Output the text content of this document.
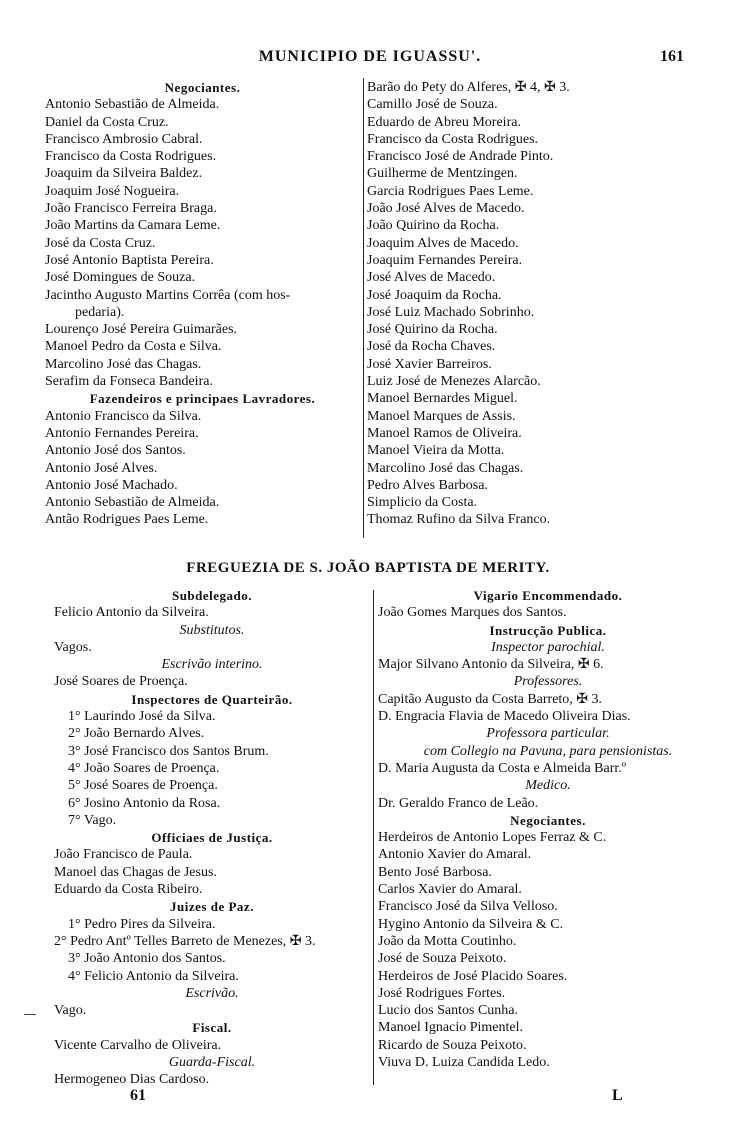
MUNICIPIO DE IGUASSU'.	161
Negociantes.
Antonio Sebastião de Almeida.
Daniel da Costa Cruz.
Francisco Ambrosio Cabral.
Francisco da Costa Rodrigues.
Joaquim da Silveira Baldez.
Joaquim José Nogueira.
João Francisco Ferreira Braga.
João Martins da Camara Leme.
José da Costa Cruz.
José Antonio Baptista Pereira.
José Domingues de Souza.
Jacintho Augusto Martins Corrêa (com hos-
pedaria).
Lourenço José Pereira Guimarães.
Manoel Pedro da Costa e Silva.
Marcolino José das Chagas.
Serafim da Fonseca Bandeira.
Fazendeiros e principaes Lavradores.
Antonio Francisco da Silva.
Antonio Fernandes Pereira.
Antonio José dos Santos.
Antonio José Alves.
Antonio José Machado.
Antonio Sebastião de Almeida.
Antão Rodrigues Paes Leme.
Barão do Pety do Alferes, ✠ 4, ✠ 3.
Camillo José de Souza.
Eduardo de Abreu Moreira.
Francisco da Costa Rodrigues.
Francisco José de Andrade Pinto.
Guilherme de Mentzingen.
Garcia Rodrigues Paes Leme.
João José Alves de Macedo.
João Quirino da Rocha.
Joaquim Alves de Macedo.
Joaquim Fernandes Pereira.
José Alves de Macedo.
José Joaquim da Rocha.
José Luiz Machado Sobrinho.
José Quirino da Rocha.
José da Rocha Chaves.
José Xavier Barreiros.
Luiz José de Menezes Alarcão.
Manoel Bernardes Miguel.
Manoel Marques de Assis.
Manoel Ramos de Oliveira.
Manoel Vieira da Motta.
Marcolino José das Chagas.
Pedro Alves Barbosa.
Simplicio da Costa.
Thomaz Rufino da Silva Franco.
FREGUEZIA DE S. JOÃO BAPTISTA DE MERITY.
Subdelegado.
Felicio Antonio da Silveira.
Substitutos.
Vagos.
Escrivão interino.
José Soares de Proença.
Inspectores de Quarteirão.
1° Laurindo José da Silva.
2° João Bernardo Alves.
3° José Francisco dos Santos Brum.
4° João Soares de Proença.
5° José Soares de Proença.
6° Josino Antonio da Rosa.
7° Vago.
Officiaes de Justiça.
João Francisco de Paula.
Manoel das Chagas de Jesus.
Eduardo da Costa Ribeiro.
Juizes de Paz.
1° Pedro Pires da Silveira.
2° Pedro Antº Telles Barreto de Menezes, ✠ 3.
3° João Antonio dos Santos.
4° Felicio Antonio da Silveira.
Escrivão.
Vago.
Fiscal.
Vicente Carvalho de Oliveira.
Guarda-Fiscal.
Hermogeneo Dias Cardoso.
Vigario Encommendado.
João Gomes Marques dos Santos.
Instrucção Publica.
Inspector parochial.
Major Silvano Antonio da Silveira, ✠ 6.
Professores.
Capitão Augusto da Costa Barreto, ✠ 3.
D. Engracia Flavia de Macedo Oliveira Dias.
Professora particular.
com Collegio na Pavuna, para pensionistas.
D. Maria Augusta da Costa e Almeida Barr.º
Medico.
Dr. Geraldo Franco de Leão.
Negociantes.
Herdeiros de Antonio Lopes Ferraz & C.
Antonio Xavier do Amaral.
Bento José Barbosa.
Carlos Xavier do Amaral.
Francisco José da Silva Velloso.
Hygino Antonio da Silveira & C.
João da Motta Coutinho.
José de Souza Peixoto.
Herdeiros de José Placido Soares.
José Rodrigues Fortes.
Lucio dos Santos Cunha.
Manoel Ignacio Pimentel.
Ricardo de Souza Peixoto.
Viuva D. Luiza Candida Ledo.
61	L
